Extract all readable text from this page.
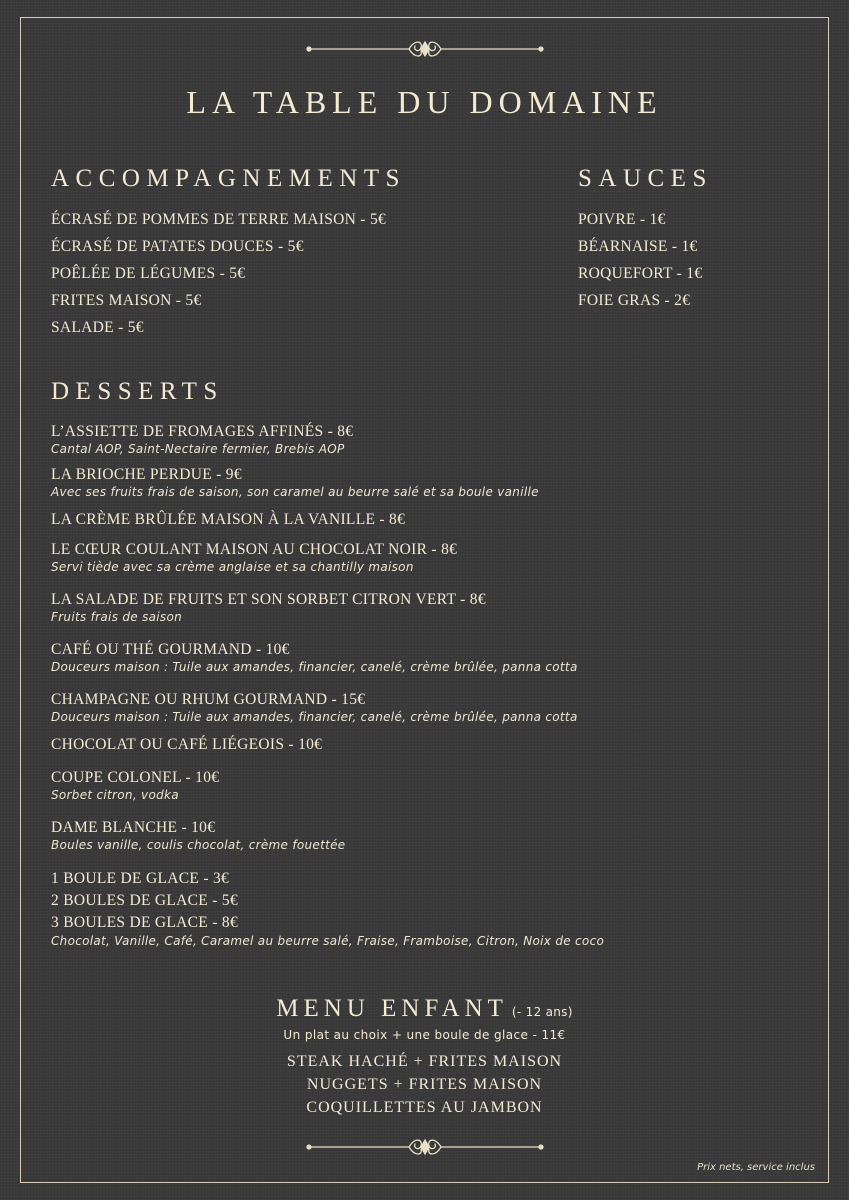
LA TABLE DU DOMAINE
ACCOMPAGNEMENTS
ÉCRASÉ DE POMMES DE TERRE MAISON - 5€
ÉCRASÉ DE PATATES DOUCES - 5€
POÊLÉE DE LÉGUMES - 5€
FRITES MAISON - 5€
SALADE - 5€
SAUCES
POIVRE - 1€
BÉARNAISE - 1€
ROQUEFORT - 1€
FOIE GRAS - 2€
DESSERTS
L’ASSIETTE DE FROMAGES AFFINÉS - 8€
Cantal AOP, Saint-Nectaire fermier, Brebis AOP
LA BRIOCHE PERDUE - 9€
Avec ses fruits frais de saison, son caramel au beurre salé et sa boule vanille
LA CRÈME BRÛLÉE MAISON À LA VANILLE - 8€
LE CŒUR COULANT MAISON AU CHOCOLAT NOIR - 8€
Servi tiède avec sa crème anglaise et sa chantilly maison
LA SALADE DE FRUITS ET SON SORBET CITRON VERT - 8€
Fruits frais de saison
CAFÉ OU THÉ GOURMAND - 10€
Douceurs maison : Tuile aux amandes, financier, canelé, crème brûlée, panna cotta
CHAMPAGNE OU RHUM GOURMAND - 15€
Douceurs maison : Tuile aux amandes, financier, canelé, crème brûlée, panna cotta
CHOCOLAT OU CAFÉ LIÉGEOIS - 10€
COUPE COLONEL - 10€
Sorbet citron, vodka
DAME BLANCHE - 10€
Boules vanille, coulis chocolat, crème fouettée
1 BOULE DE GLACE - 3€
2 BOULES DE GLACE - 5€
3 BOULES DE GLACE - 8€
Chocolat, Vanille, Café, Caramel au beurre salé, Fraise, Framboise, Citron, Noix de coco
MENU ENFANT (- 12 ans)
Un plat au choix + une boule de glace - 11€
STEAK HACHÉ + FRITES MAISON
NUGGETS + FRITES MAISON
COQUILLETTES AU JAMBON
Prix nets, service inclus
